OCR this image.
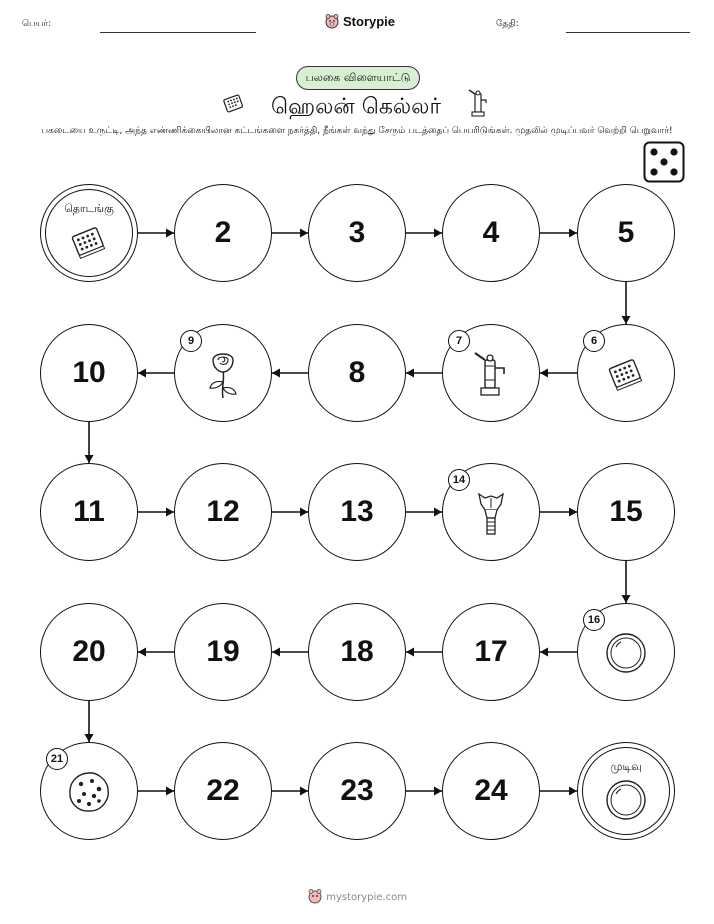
பெயர்:	Storypie	தேதி:
பலகை விளையாட்டு
ஹெலன் கெல்லர்
பகடையை உருட்டி, அந்த எண்ணிக்கையிலான கட்டங்களை நகர்த்தி, நீங்கள் வந்து சேரும் படத்தைப் பெயரிடுங்கள். முதலில் முடிப்பவர் வெற்றி பெறுவார்!
தொடங்கு
2	3	4	5
6
7
8
9
10
11	12	13
14
15
16
17
18
19
20
21
22	23	24
முடிவு
mystorypie.com
